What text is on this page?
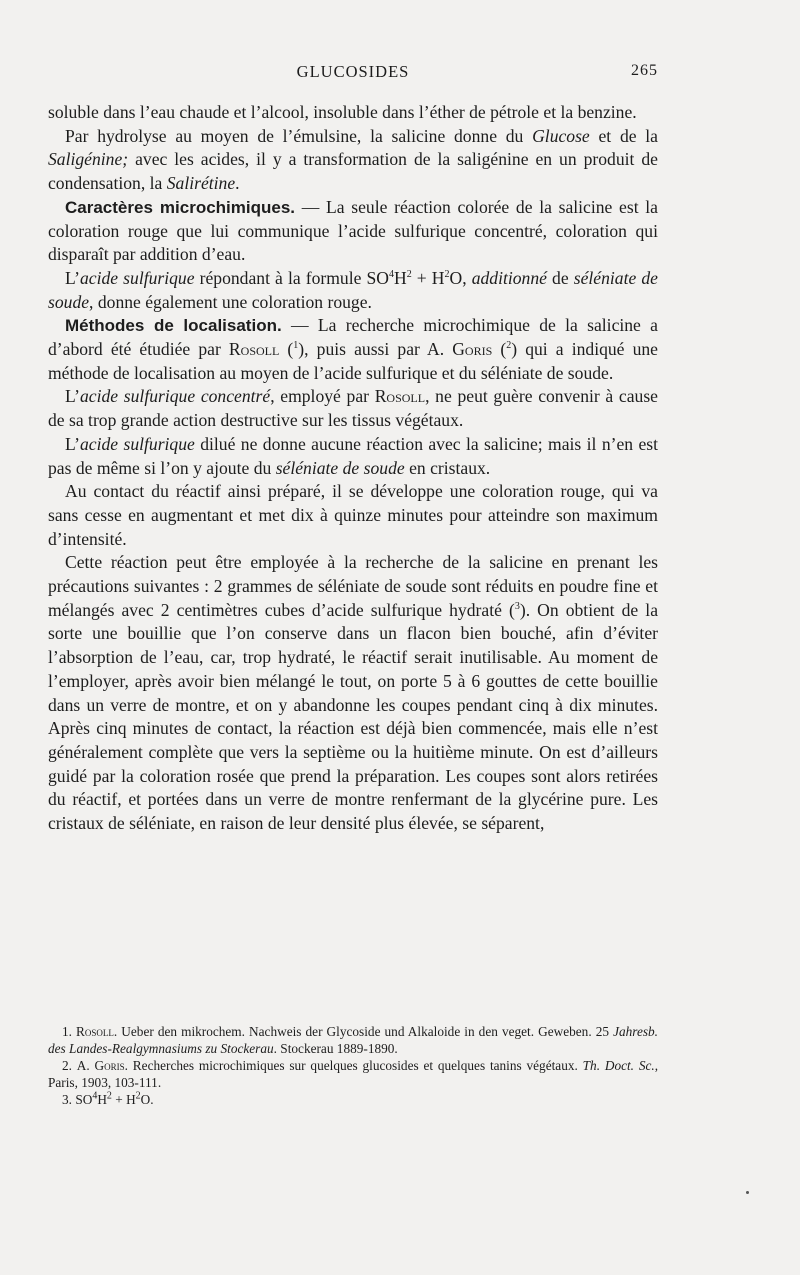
GLUCOSIDES	265

soluble dans l’eau chaude et l’alcool, insoluble dans l’éther de pétrole et la benzine.

Par hydrolyse au moyen de l’émulsine, la salicine donne du Glucose et de la Saligénine; avec les acides, il y a transformation de la saligénine en un produit de condensation, la Salirétine.

Caractères microchimiques. — La seule réaction colorée de la salicine est la coloration rouge que lui communique l’acide sulfurique concentré, coloration qui disparaît par addition d’eau.

L’acide sulfurique répondant à la formule $SO^4H^2 + H^2O$, additionné de séléniate de soude, donne également une coloration rouge.

Méthodes de localisation. — La recherche microchimique de la salicine a d’abord été étudiée par Rosoll ($^1$), puis aussi par A. Goris ($^2$) qui a indiqué une méthode de localisation au moyen de l’acide sulfurique et du séléniate de soude.

L’acide sulfurique concentré, employé par Rosoll, ne peut guère convenir à cause de sa trop grande action destructive sur les tissus végétaux.

L’acide sulfurique dilué ne donne aucune réaction avec la salicine; mais il n’en est pas de même si l’on y ajoute du séléniate de soude en cristaux.

Au contact du réactif ainsi préparé, il se développe une coloration rouge, qui va sans cesse en augmentant et met dix à quinze minutes pour atteindre son maximum d’intensité.

Cette réaction peut être employée à la recherche de la salicine en prenant les précautions suivantes : 2 grammes de séléniate de soude sont réduits en poudre fine et mélangés avec 2 centimètres cubes d’acide sulfurique hydraté ($^3$). On obtient de la sorte une bouillie que l’on conserve dans un flacon bien bouché, afin d’éviter l’absorption de l’eau, car, trop hydraté, le réactif serait inutilisable. Au moment de l’employer, après avoir bien mélangé le tout, on porte 5 à 6 gouttes de cette bouillie dans un verre de montre, et on y abandonne les coupes pendant cinq à dix minutes. Après cinq minutes de contact, la réaction est déjà bien commencée, mais elle n’est généralement complète que vers la septième ou la huitième minute. On est d’ailleurs guidé par la coloration rosée que prend la préparation. Les coupes sont alors retirées du réactif, et portées dans un verre de montre renfermant de la glycérine pure. Les cristaux de séléniate, en raison de leur densité plus élevée, se séparent,

1. Rosoll. Ueber den mikrochem. Nachweis der Glycoside und Alkaloide in den veget. Geweben. 25 Jahresb. des Landes-Realgymnasiums zu Stockerau. Stockerau 1889-1890.

2. A. Goris. Recherches microchimiques sur quelques glucosides et quelques tanins végétaux. Th. Doct. Sc., Paris, 1903, 103-111.

3. $SO^4H^2 + H^2O$.
